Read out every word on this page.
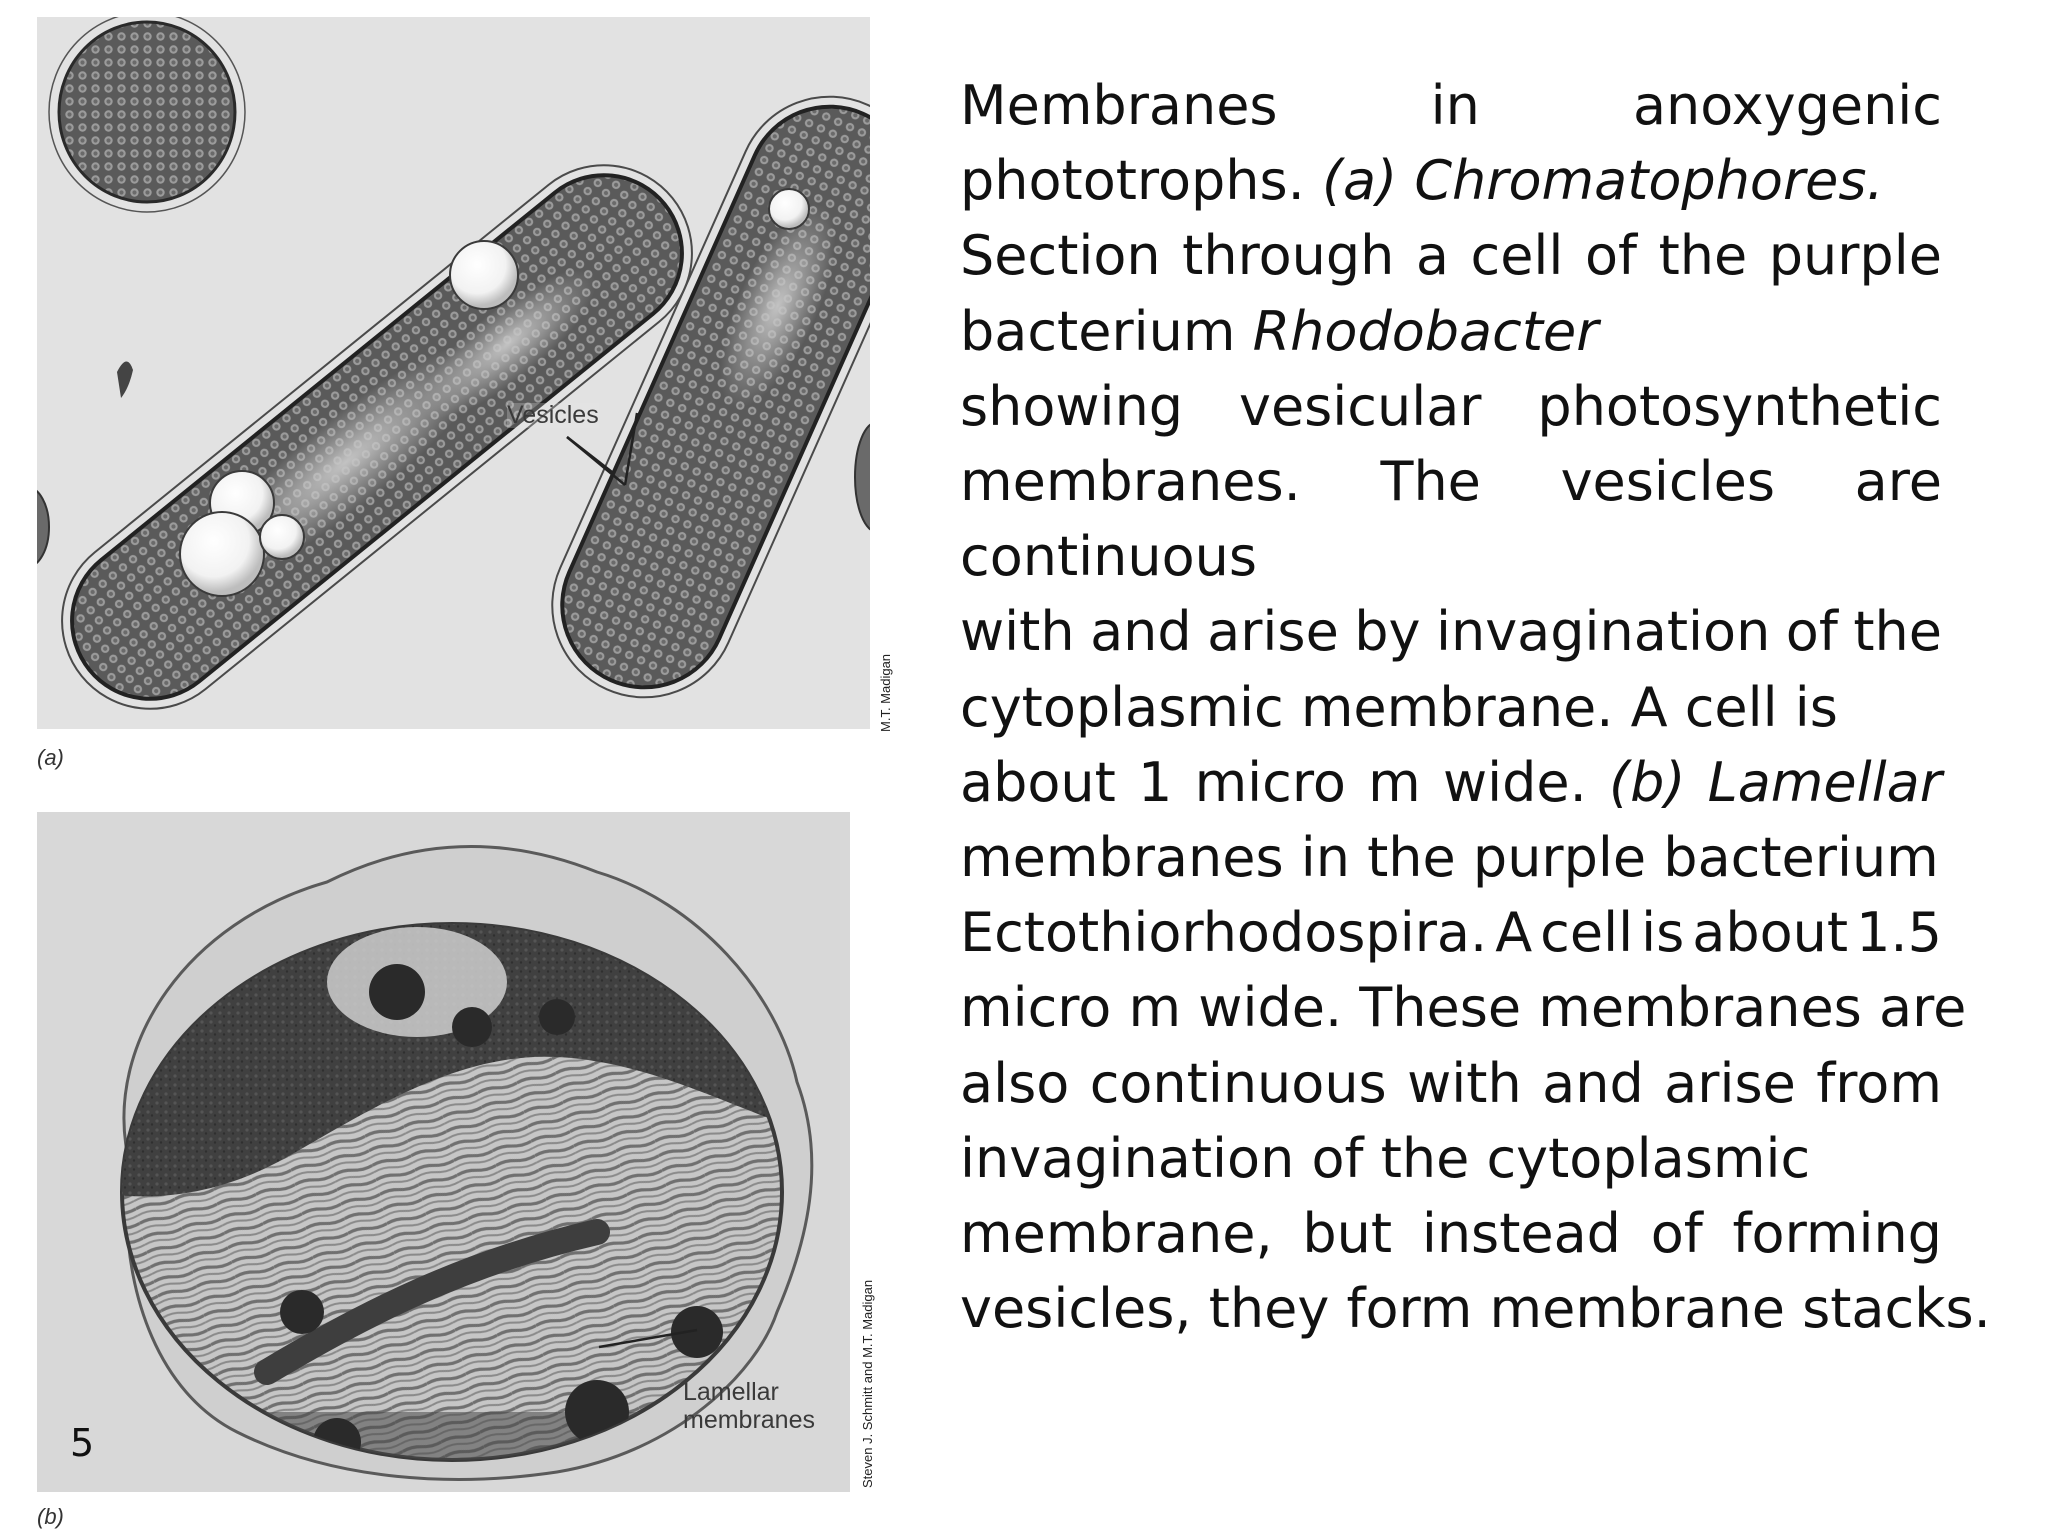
Vesicles
M.T. Madigan
(a)
Lamellar
membranes	Steven J. Schmitt and M.T. Madigan
(b)
5
Membranes	in	anoxygenic
phototrophs. (a) Chromatophores.
Section through a cell of the purple
bacterium Rhodobacter
showing vesicular photosynthetic
membranes. The vesicles are
continuous
with and arise by invagination of the
cytoplasmic membrane. A cell is
about 1 micro m wide. (b) Lamellar
membranes in the purple bacterium
Ectothiorhodospira. A cell is about 1.5
micro m wide. These membranes are
also continuous with and arise from
invagination of the cytoplasmic
membrane, but instead of forming
vesicles, they form membrane stacks.
